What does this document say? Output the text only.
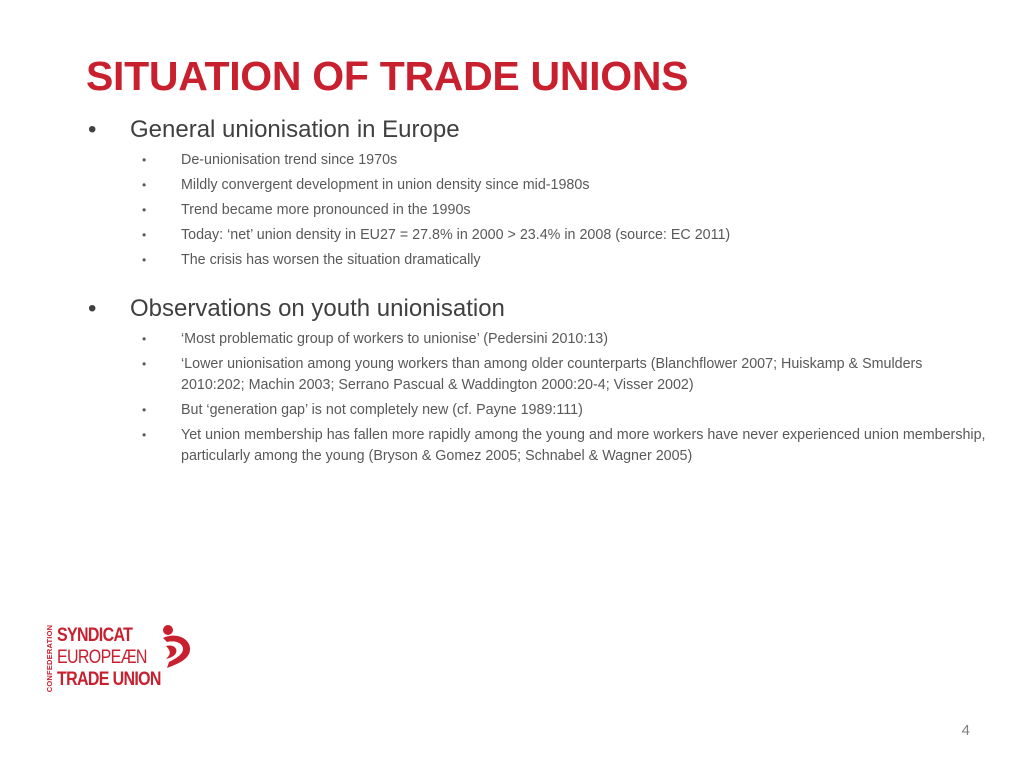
SITUATION OF TRADE UNIONS
• General unionisation in Europe
• De-unionisation trend since 1970s
• Mildly convergent development in union density since mid-1980s
• Trend became more pronounced in the 1990s
• Today: ‘net’ union density in EU27 = 27.8% in 2000 > 23.4% in 2008 (source: EC 2011)
• The crisis has worsen the situation dramatically
• Observations on youth unionisation
• ‘Most problematic group of workers to unionise’ (Pedersini 2010:13)
• ‘Lower unionisation among young workers than among older counterparts (Blanchflower 2007; Huiskamp & Smulders 2010:202; Machin 2003; Serrano Pascual & Waddington 2000:20-4; Visser 2002)
• But ‘generation gap’ is not completely new (cf. Payne 1989:111)
• Yet union membership has fallen more rapidly among the young and more workers have never experienced union membership, particularly among the young (Bryson & Gomez 2005; Schnabel & Wagner 2005)
CONFEDERATION SYNDICAT
EUROPEÆN
TRADE UNION
4
